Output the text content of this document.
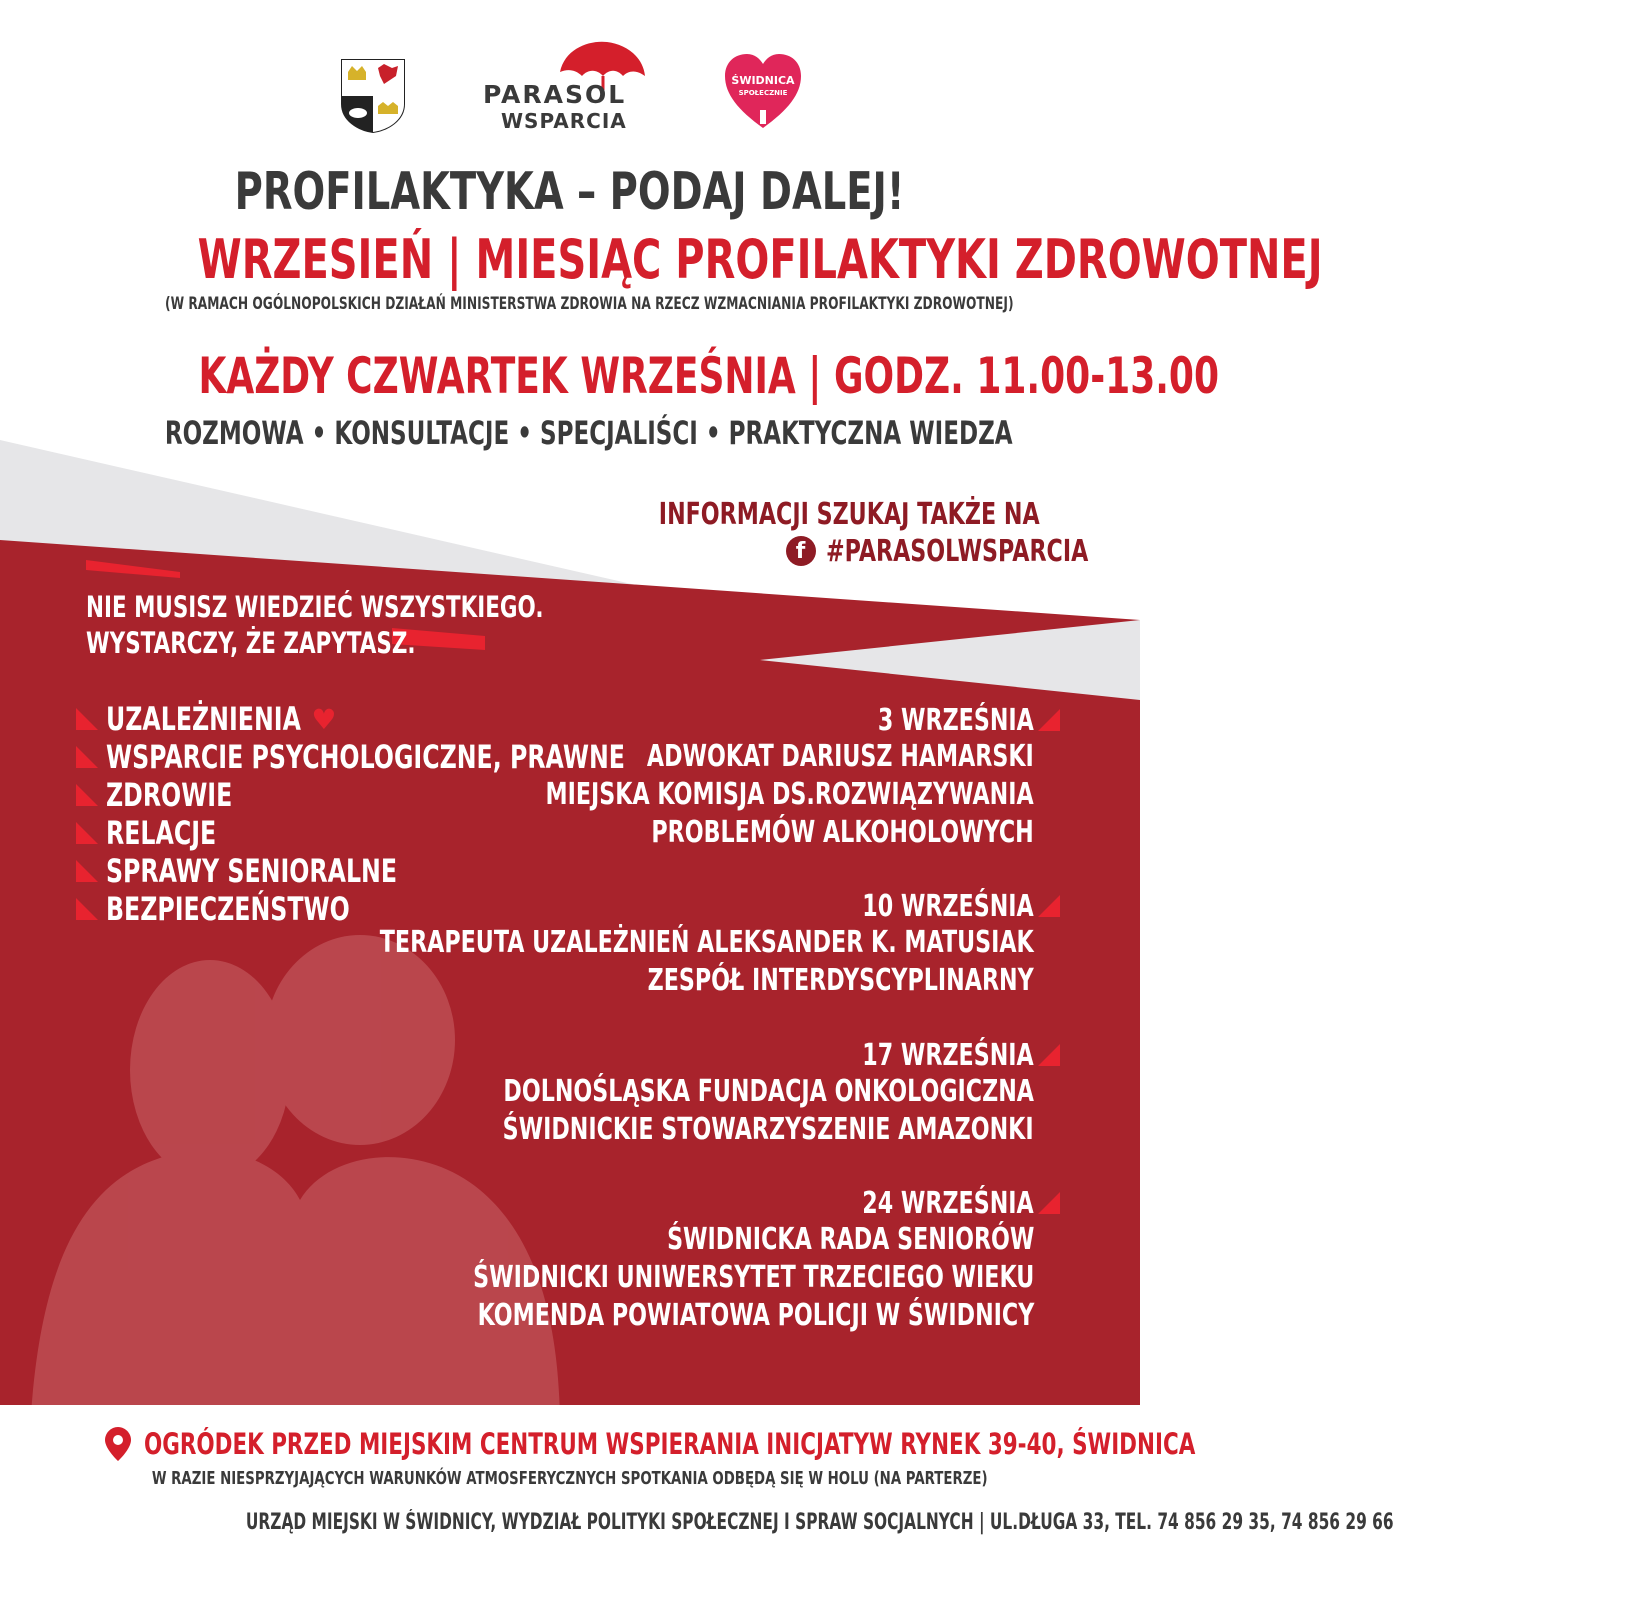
PARASOL
WSPARCIA
ŚWIDNICA
SPOŁECZNIE
PROFILAKTYKA – PODAJ DALEJ!
WRZESIEŃ | MIESIĄC PROFILAKTYKI ZDROWOTNEJ
(W RAMACH OGÓLNOPOLSKICH DZIAŁAŃ MINISTERSTWA ZDROWIA NA RZECZ WZMACNIANIA PROFILAKTYKI ZDROWOTNEJ)
KAŻDY CZWARTEK WRZEŚNIA | GODZ. 11.00-13.00
ROZMOWA • KONSULTACJE • SPECJALIŚCI • PRAKTYCZNA WIEDZA
INFORMACJI SZUKAJ TAKŻE NA
f #PARASOLWSPARCIA
NIE MUSISZ WIEDZIEĆ WSZYSTKIEGO.
WYSTARCZY, ŻE ZAPYTASZ.
UZALEŻNIENIA ♥
WSPARCIE PSYCHOLOGICZNE, PRAWNE
ZDROWIE
RELACJE
SPRAWY SENIORALNE
BEZPIECZEŃSTWO
3 WRZEŚNIA
ADWOKAT DARIUSZ HAMARSKI
MIEJSKA KOMISJA DS.ROZWIĄZYWANIA
PROBLEMÓW ALKOHOLOWYCH
10 WRZEŚNIA
TERAPEUTA UZALEŻNIEŃ ALEKSANDER K. MATUSIAK
ZESPÓŁ INTERDYSCYPLINARNY
17 WRZEŚNIA
DOLNOŚLĄSKA FUNDACJA ONKOLOGICZNA
ŚWIDNICKIE STOWARZYSZENIE AMAZONKI
24 WRZEŚNIA
ŚWIDNICKA RADA SENIORÓW
ŚWIDNICKI UNIWERSYTET TRZECIEGO WIEKU
KOMENDA POWIATOWA POLICJI W ŚWIDNICY
OGRÓDEK PRZED MIEJSKIM CENTRUM WSPIERANIA INICJATYW RYNEK 39-40, ŚWIDNICA
W RAZIE NIESPRZYJAJĄCYCH WARUNKÓW ATMOSFERYCZNYCH SPOTKANIA ODBĘDĄ SIĘ W HOLU (NA PARTERZE)
URZĄD MIEJSKI W ŚWIDNICY, WYDZIAŁ POLITYKI SPOŁECZNEJ I SPRAW SOCJALNYCH | UL.DŁUGA 33, TEL. 74 856 29 35, 74 856 29 66
